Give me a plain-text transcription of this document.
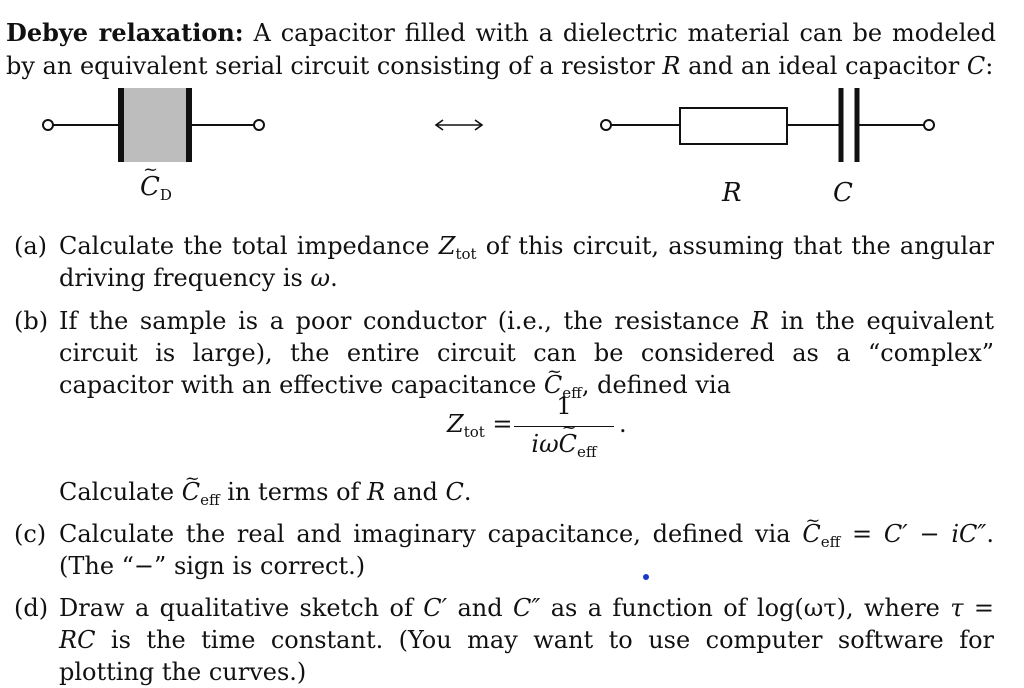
Debye relaxation: A capacitor filled with a dielectric material can be modeled by an equivalent serial circuit consisting of a resistor R and an ideal capacitor C:
~ $C_D$	R	C
(a) Calculate the total impedance $Z_{tot}$ of this circuit, assuming that the angular driving frequency is ω.
(b) If the sample is a poor conductor (i.e., the resistance R in the equivalent circuit is large), the entire circuit can be considered as a “complex” capacitor with an effective capacitance ~ $C_{eff}$, defined via
$Z_{tot}$ =
1
iω~ $C_{eff}$
.
Calculate ~ $C_{eff}$ in terms of R and C.
(c) Calculate the real and imaginary capacitance, defined via ~ $C_{eff} = C' - iC''$. (The “−” sign is correct.)
(d) Draw a qualitative sketch of C′ and C″ as a function of log(ωτ), where τ = RC is the time constant. (You may want to use computer software for plotting the curves.)
